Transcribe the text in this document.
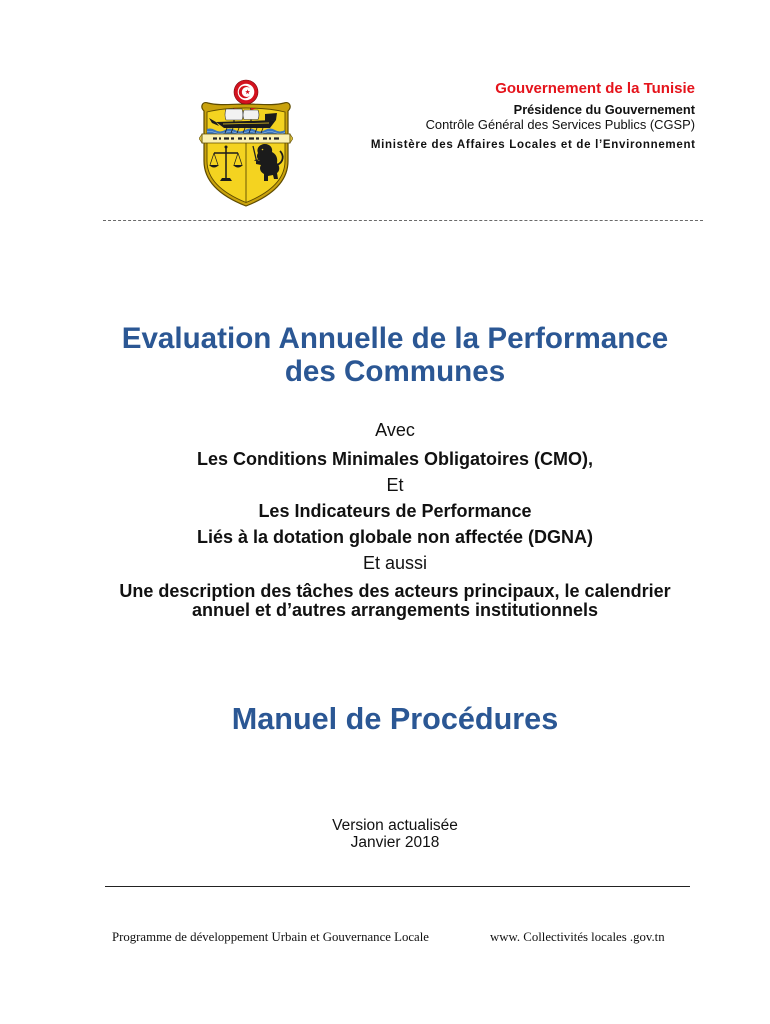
Gouvernement de la Tunisie
Présidence du Gouvernement
Contrôle Général des Services Publics (CGSP)
Ministère des Affaires Locales et de l’Environnement
Evaluation Annuelle de la Performance
des Communes
Avec
Les Conditions Minimales Obligatoires (CMO),
Et
Les Indicateurs de Performance
Liés à la dotation globale non affectée (DGNA)
Et aussi
Une description des tâches des acteurs principaux, le calendrier
annuel et d’autres arrangements institutionnels
Manuel de Procédures
Version actualisée
Janvier 2018
Programme de développement Urbain et Gouvernance Locale	www. Collectivités locales .gov.tn
